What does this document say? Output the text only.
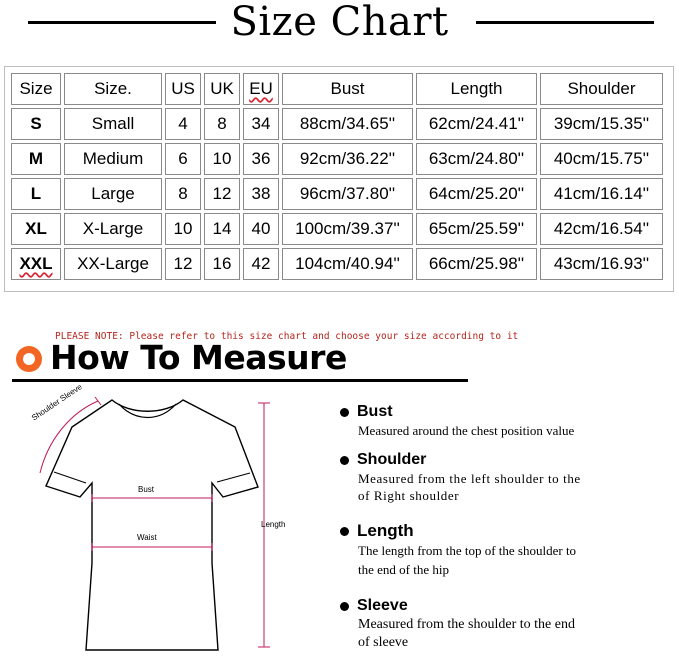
Size Chart
Size	Size.	US	UK	EU	Bust	Length	Shoulder
S	Small	4	8	34	88cm/34.65''	62cm/24.41''	39cm/15.35''
M	Medium	6	10	36	92cm/36.22''	63cm/24.80''	40cm/15.75''
L	Large	8	12	38	96cm/37.80''	64cm/25.20''	41cm/16.14''
XL	X-Large	10	14	40	100cm/39.37''	65cm/25.59''	42cm/16.54''
XXL	XX-Large	12	16	42	104cm/40.94''	66cm/25.98''	43cm/16.93''
PLEASE NOTE: Please refer to this size chart and choose your size according to it
How To Measure
Shoulder Sleeve
Bust
Waist
Length
Bust
Measured around the chest position value
Shoulder
Measured from the left shoulder to the
of Right shoulder
Length
The length from the top of the shoulder to
the end of the hip
Sleeve
Measured from the shoulder to the end
of sleeve
